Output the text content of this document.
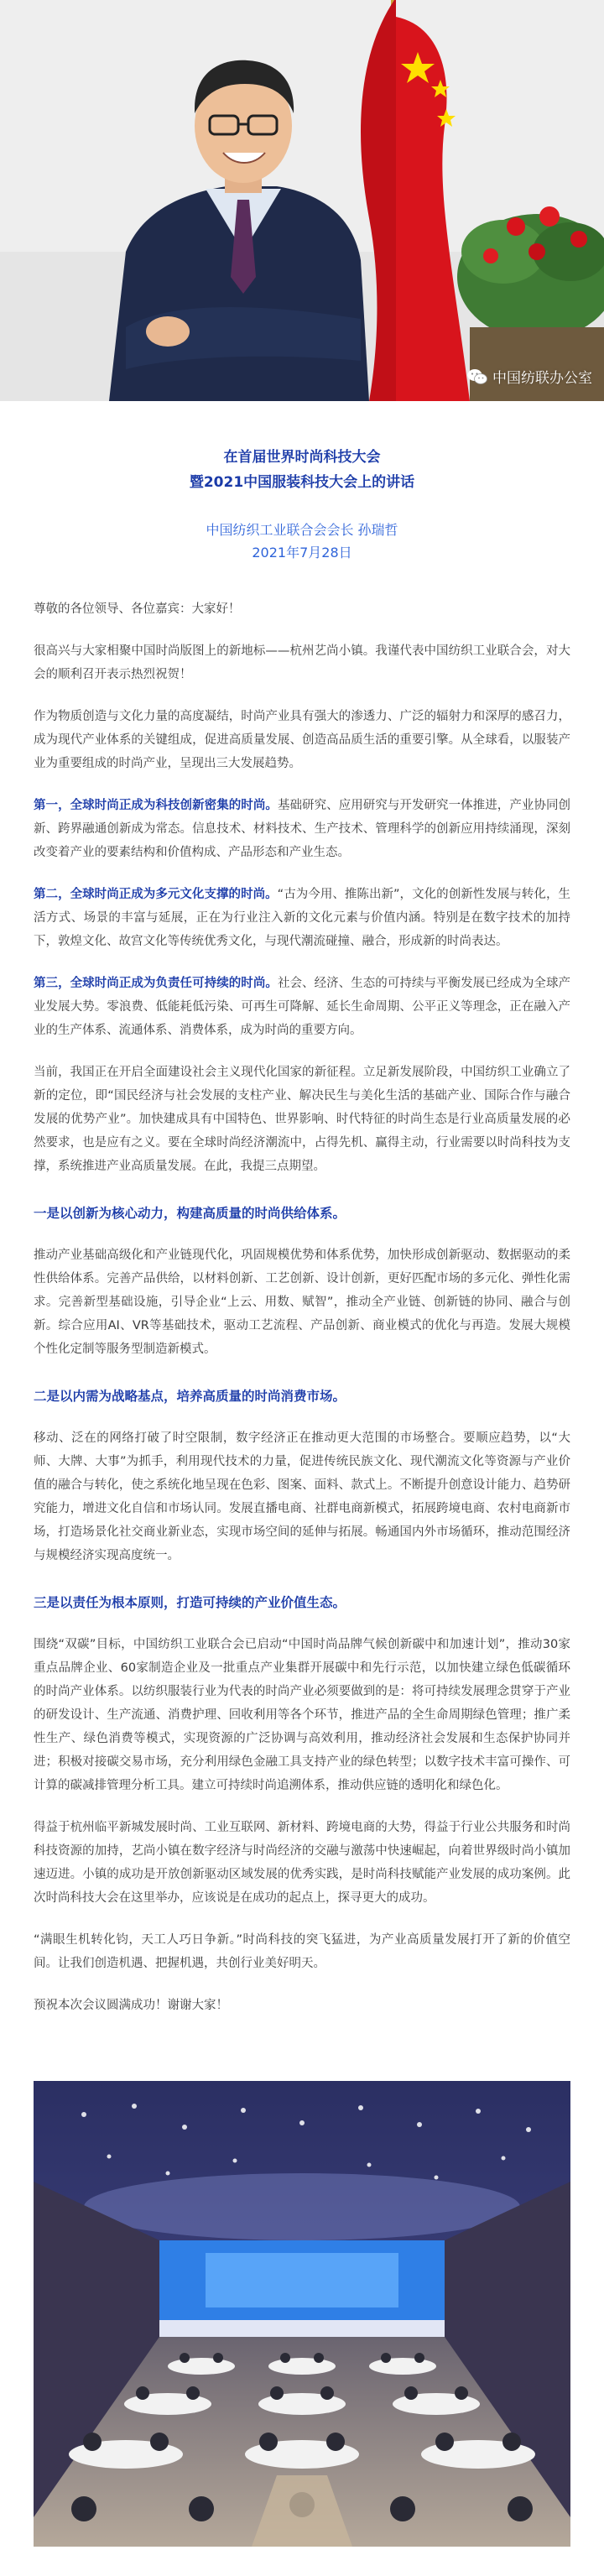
中国纺联办公室
在首届世界时尚科技大会
暨2021中国服装科技大会上的讲话
中国纺织工业联合会会长 孙瑞哲
2021年7月28日

尊敬的各位领导、各位嘉宾：大家好！

很高兴与大家相聚中国时尚版图上的新地标——杭州艺尚小镇。我谨代表中国纺织工业联合会，对大会的顺利召开表示热烈祝贺！

作为物质创造与文化力量的高度凝结，时尚产业具有强大的渗透力、广泛的辐射力和深厚的感召力，成为现代产业体系的关键组成，促进高质量发展、创造高品质生活的重要引擎。从全球看，以服装产业为重要组成的时尚产业，呈现出三大发展趋势。

第一，全球时尚正成为科技创新密集的时尚。基础研究、应用研究与开发研究一体推进，产业协同创新、跨界融通创新成为常态。信息技术、材料技术、生产技术、管理科学的创新应用持续涌现，深刻改变着产业的要素结构和价值构成、产品形态和产业生态。

第二，全球时尚正成为多元文化支撑的时尚。“古为今用、推陈出新”，文化的创新性发展与转化，生活方式、场景的丰富与延展，正在为行业注入新的文化元素与价值内涵。特别是在数字技术的加持下，敦煌文化、故宫文化等传统优秀文化，与现代潮流碰撞、融合，形成新的时尚表达。

第三，全球时尚正成为负责任可持续的时尚。社会、经济、生态的可持续与平衡发展已经成为全球产业发展大势。零浪费、低能耗低污染、可再生可降解、延长生命周期、公平正义等理念，正在融入产业的生产体系、流通体系、消费体系，成为时尚的重要方向。

当前，我国正在开启全面建设社会主义现代化国家的新征程。立足新发展阶段，中国纺织工业确立了新的定位，即“国民经济与社会发展的支柱产业、解决民生与美化生活的基础产业、国际合作与融合发展的优势产业”。加快建成具有中国特色、世界影响、时代特征的时尚生态是行业高质量发展的必然要求，也是应有之义。要在全球时尚经济潮流中，占得先机、赢得主动，行业需要以时尚科技为支撑，系统推进产业高质量发展。在此，我提三点期望。

一是以创新为核心动力，构建高质量的时尚供给体系。

推动产业基础高级化和产业链现代化，巩固规模优势和体系优势，加快形成创新驱动、数据驱动的柔性供给体系。完善产品供给，以材料创新、工艺创新、设计创新，更好匹配市场的多元化、弹性化需求。完善新型基础设施，引导企业“上云、用数、赋智”，推动全产业链、创新链的协同、融合与创新。综合应用AI、VR等基础技术，驱动工艺流程、产品创新、商业模式的优化与再造。发展大规模个性化定制等服务型制造新模式。

二是以内需为战略基点，培养高质量的时尚消费市场。

移动、泛在的网络打破了时空限制，数字经济正在推动更大范围的市场整合。要顺应趋势，以“大师、大牌、大事”为抓手，利用现代技术的力量，促进传统民族文化、现代潮流文化等资源与产业价值的融合与转化，使之系统化地呈现在色彩、图案、面料、款式上。不断提升创意设计能力、趋势研究能力，增进文化自信和市场认同。发展直播电商、社群电商新模式，拓展跨境电商、农村电商新市场，打造场景化社交商业新业态，实现市场空间的延伸与拓展。畅通国内外市场循环，推动范围经济与规模经济实现高度统一。

三是以责任为根本原则，打造可持续的产业价值生态。

围绕“双碳”目标，中国纺织工业联合会已启动“中国时尚品牌气候创新碳中和加速计划”，推动30家重点品牌企业、60家制造企业及一批重点产业集群开展碳中和先行示范，以加快建立绿色低碳循环的时尚产业体系。以纺织服装行业为代表的时尚产业必须要做到的是：将可持续发展理念贯穿于产业的研发设计、生产流通、消费护理、回收利用等各个环节，推进产品的全生命周期绿色管理；推广柔性生产、绿色消费等模式，实现资源的广泛协调与高效利用，推动经济社会发展和生态保护协同并进；积极对接碳交易市场，充分利用绿色金融工具支持产业的绿色转型；以数字技术丰富可操作、可计算的碳减排管理分析工具。建立可持续时尚追溯体系，推动供应链的透明化和绿色化。

得益于杭州临平新城发展时尚、工业互联网、新材料、跨境电商的大势，得益于行业公共服务和时尚科技资源的加持，艺尚小镇在数字经济与时尚经济的交融与激荡中快速崛起，向着世界级时尚小镇加速迈进。小镇的成功是开放创新驱动区域发展的优秀实践，是时尚科技赋能产业发展的成功案例。此次时尚科技大会在这里举办，应该说是在成功的起点上，探寻更大的成功。

“满眼生机转化钧，天工人巧日争新。”时尚科技的突飞猛进，为产业高质量发展打开了新的价值空间。让我们创造机遇、把握机遇，共创行业美好明天。

预祝本次会议圆满成功！谢谢大家！
